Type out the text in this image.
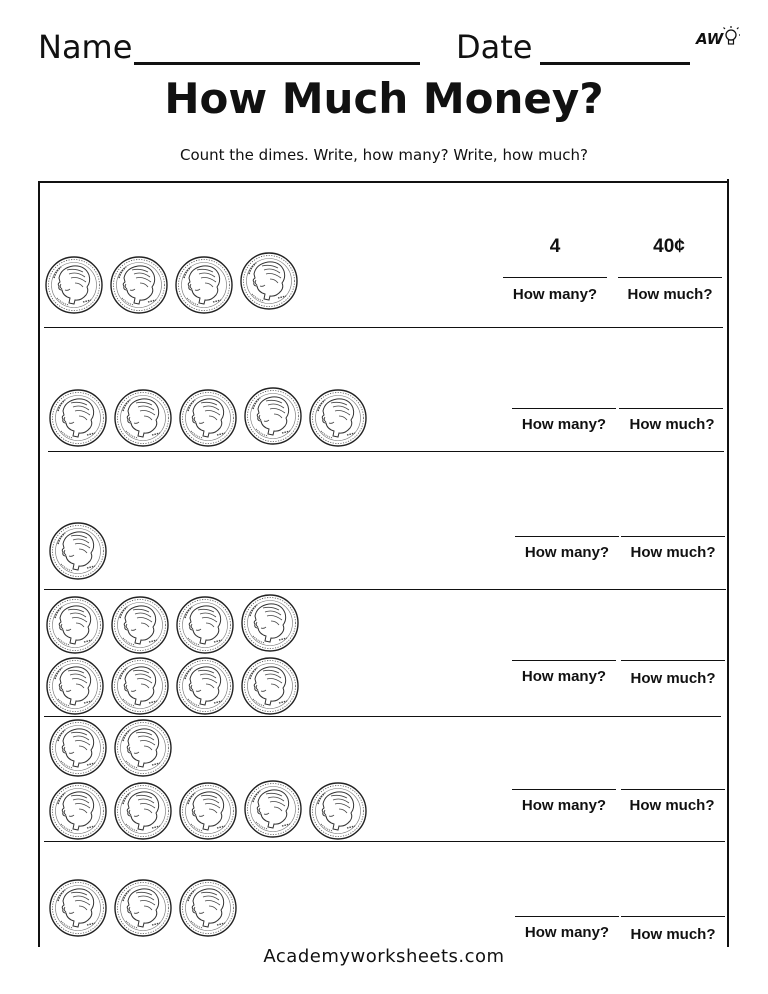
Name	Date	AW
How Much Money?
Count the dimes. Write, how many? Write, how much?
4	40¢
How many?	How much?
How many?	How much?
How many?	How much?
How many?	How much?
How many?	How much?
How many?	How much?
Academyworksheets.com
